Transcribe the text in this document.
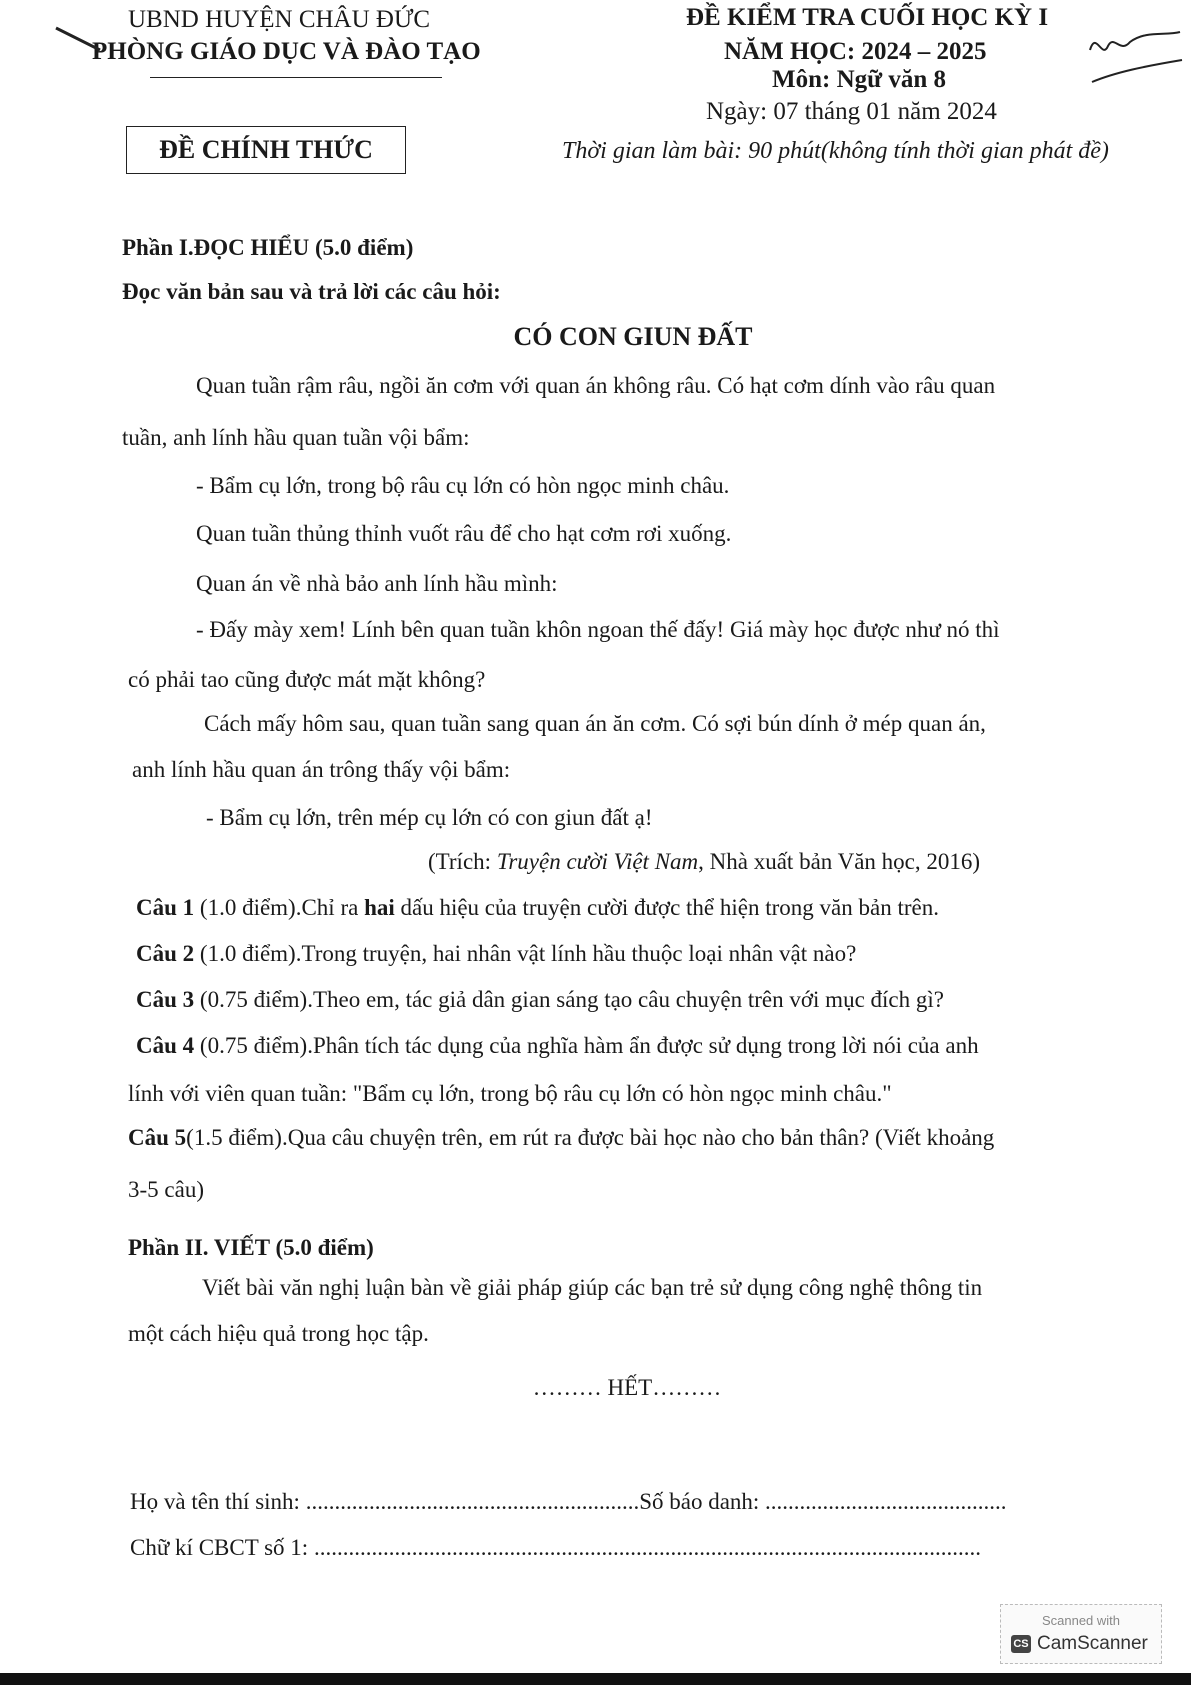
UBND HUYỆN CHÂU ĐỨC
PHÒNG GIÁO DỤC VÀ ĐÀO TẠO
ĐỀ CHÍNH THỨC
ĐỀ KIỂM TRA CUỐI HỌC KỲ I
NĂM HỌC: 2024 – 2025
Môn: Ngữ văn 8
Ngày: 07 tháng 01 năm 2024
Thời gian làm bài: 90 phút(không tính thời gian phát đề)
Phần I.ĐỌC HIỂU (5.0 điểm)
Đọc văn bản sau và trả lời các câu hỏi:
CÓ CON GIUN ĐẤT
Quan tuần rậm râu, ngồi ăn cơm với quan án không râu. Có hạt cơm dính vào râu quan
tuần, anh lính hầu quan tuần vội bẩm:
- Bẩm cụ lớn, trong bộ râu cụ lớn có hòn ngọc minh châu.
Quan tuần thủng thỉnh vuốt râu để cho hạt cơm rơi xuống.
Quan án về nhà bảo anh lính hầu mình:
- Đấy mày xem! Lính bên quan tuần khôn ngoan thế đấy! Giá mày học được như nó thì
có phải tao cũng được mát mặt không?
Cách mấy hôm sau, quan tuần sang quan án ăn cơm. Có sợi bún dính ở mép quan án,
anh lính hầu quan án trông thấy vội bẩm:
- Bẩm cụ lớn, trên mép cụ lớn có con giun đất ạ!
(Trích: Truyện cười Việt Nam, Nhà xuất bản Văn học, 2016)
Câu 1 (1.0 điểm).Chỉ ra hai dấu hiệu của truyện cười được thể hiện trong văn bản trên.
Câu 2 (1.0 điểm).Trong truyện, hai nhân vật lính hầu thuộc loại nhân vật nào?
Câu 3 (0.75 điểm).Theo em, tác giả dân gian sáng tạo câu chuyện trên với mục đích gì?
Câu 4 (0.75 điểm).Phân tích tác dụng của nghĩa hàm ẩn được sử dụng trong lời nói của anh
lính với viên quan tuần: "Bẩm cụ lớn, trong bộ râu cụ lớn có hòn ngọc minh châu."
Câu 5(1.5 điểm).Qua câu chuyện trên, em rút ra được bài học nào cho bản thân? (Viết khoảng
3-5 câu)
Phần II. VIẾT (5.0 điểm)
Viết bài văn nghị luận bàn về giải pháp giúp các bạn trẻ sử dụng công nghệ thông tin
một cách hiệu quả trong học tập.
……… HẾT………
Họ và tên thí sinh: ..........................................................Số báo danh: ..........................................
Chữ kí CBCT số 1: ....................................................................................................................
Scanned with
CS CamScanner
